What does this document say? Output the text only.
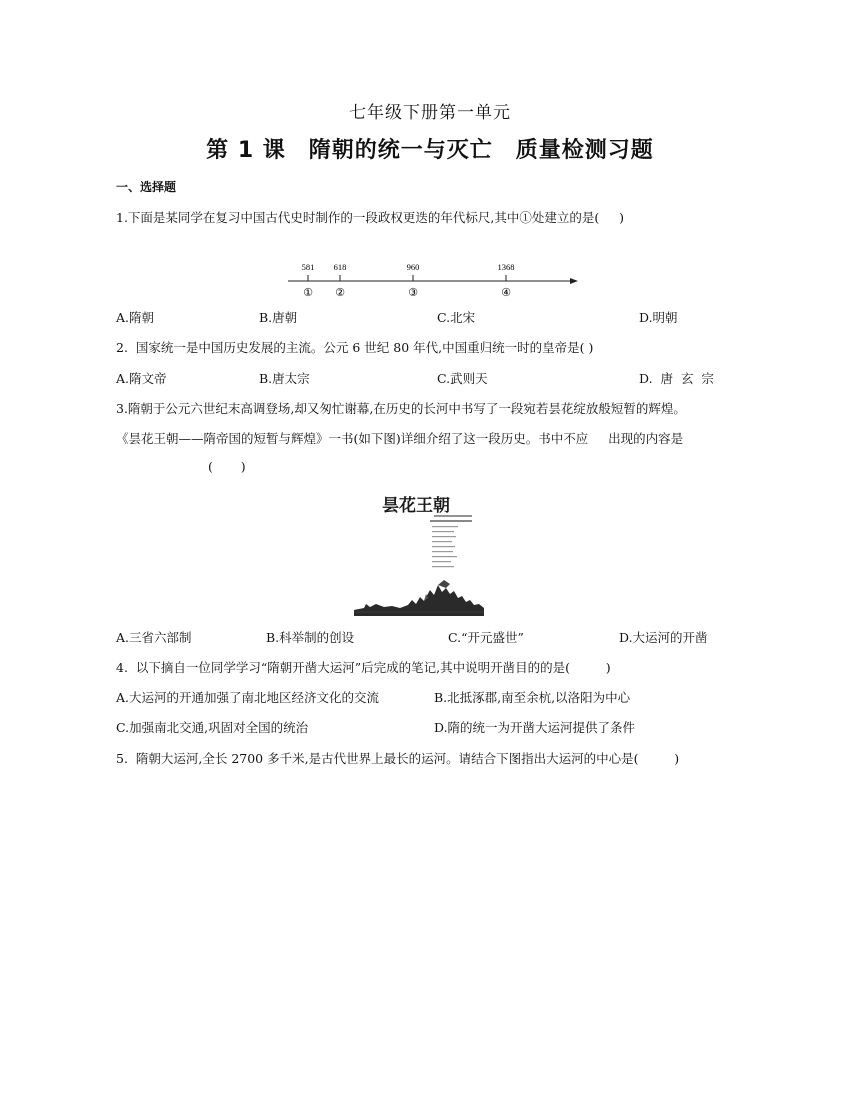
七年级下册第一单元
第 1 课　隋朝的统一与灭亡　质量检测习题
一、选择题
1.下面是某同学在复习中国古代史时制作的一段政权更迭的年代标尺,其中①处建立的是(     )
581 618	960	1368
① ②	③	④
A.隋朝	B.唐朝	C.北宋	D.明朝
2.  国家统一是中国历史发展的主流。公元 6 世纪 80 年代,中国重归统一时的皇帝是( )
A.隋文帝	B.唐太宗	C.武则天	D.  唐  玄  宗
3.隋朝于公元六世纪末高调登场,却又匆忙谢幕,在历史的长河中书写了一段宛若昙花绽放般短暂的辉煌。
《昙花王朝——隋帝国的短暂与辉煌》一书(如下图)详细介绍了这一段历史。书中不应     出现的内容是
(       )
昙花王朝
A.三省六部制	B.科举制的创设	C.“开元盛世”	D.大运河的开凿
4.  以下摘自一位同学学习“隋朝开凿大运河”后完成的笔记,其中说明开凿目的的是(         )
A.大运河的开通加强了南北地区经济文化的交流	B.北抵涿郡,南至余杭,以洛阳为中心
C.加强南北交通,巩固对全国的统治	D.隋的统一为开凿大运河提供了条件
5.  隋朝大运河,全长 2700 多千米,是古代世界上最长的运河。请结合下图指出大运河的中心是(         )
